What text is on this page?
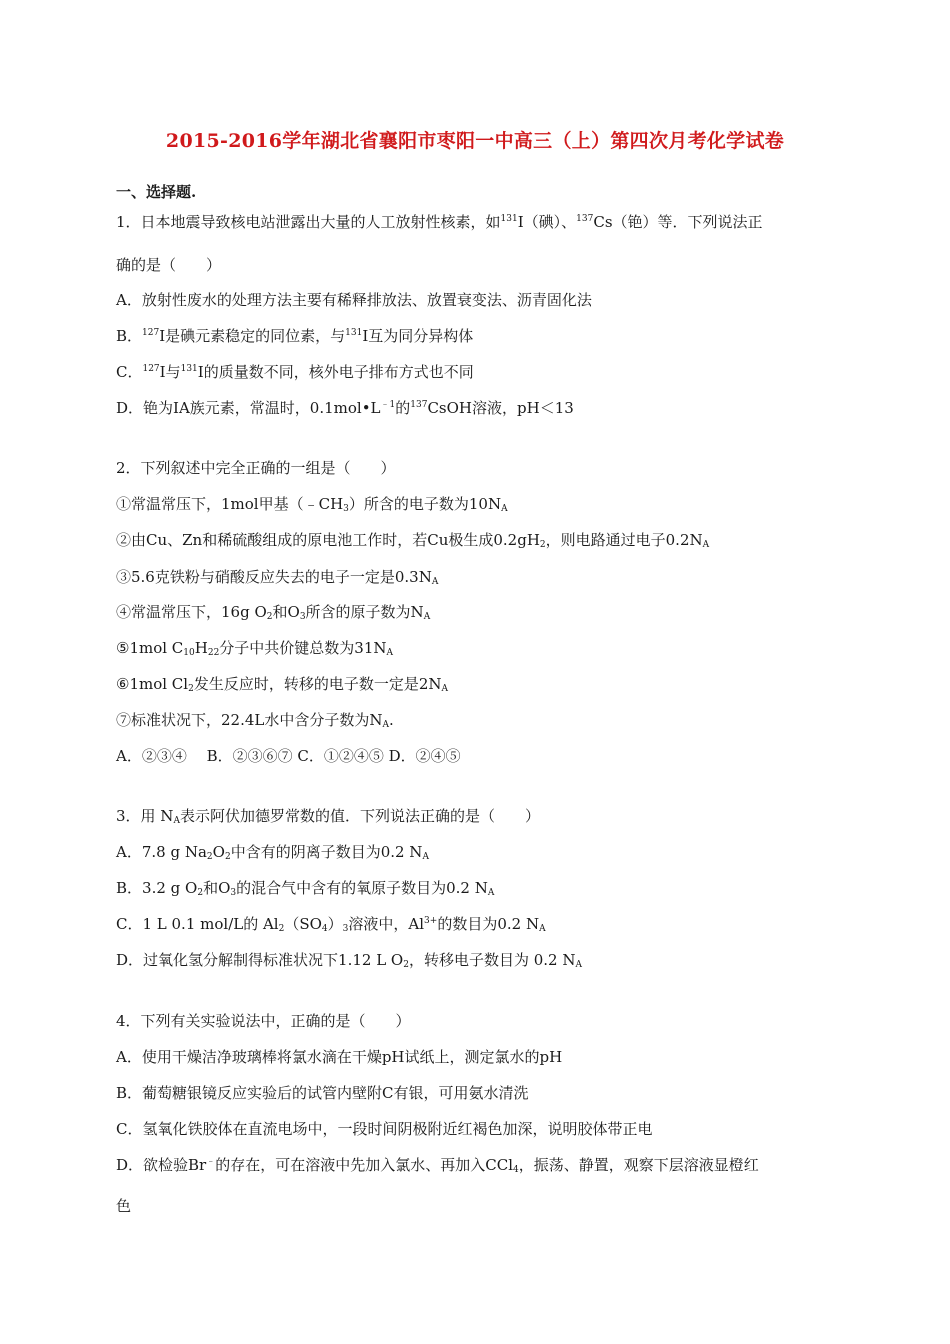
2015-2016学年湖北省襄阳市枣阳一中高三（上）第四次月考化学试卷
一、选择题.
1．日本地震导致核电站泄露出大量的人工放射性核素，如$^{131}$I（碘）、$^{137}$Cs（铯）等．下列说法正
确的是（　　）
A．放射性废水的处理方法主要有稀释排放法、放置衰变法、沥青固化法
B．$^{127}$I是碘元素稳定的同位素，与$^{131}$I互为同分异构体
C．$^{127}$I与$^{131}$I的质量数不同，核外电子排布方式也不同
D．铯为ⅠA族元素，常温时，$0.1mol•L^{﹣1}$的$^{137}$CsOH溶液，pH＜13
2．下列叙述中完全正确的一组是（　　）
①常温常压下，1mol甲基$(﹣CH_3)$所含的电子数为$10N_A$
②由Cu、Zn和稀硫酸组成的原电池工作时，若Cu极生成$0.2gH_2$，则电路通过电子$0.2N_A$
③5.6克铁粉与硝酸反应失去的电子一定是$0.3N_A$
④常温常压下，16g $O_2$和$O_3$所含的原子数为$N_A$
⑤1mol $C_{10}H_{22}$分子中共价键总数为$31N_A$
⑥1mol $Cl_2$发生反应时，转移的电子数一定是$2N_A$
⑦标准状况下，22.4L水中含分子数为$N_A$.
A．②③④　 B．②③⑥⑦ C．①②④⑤ D．②④⑤
3．用 $N_A$表示阿伏加德罗常数的值．下列说法正确的是（　　）
A．7.8 g $Na_2O_2$中含有的阴离子数目为0.2 $N_A$
B．3.2 g $O_2$和$O_3$的混合气中含有的氧原子数目为0.2 $N_A$
C．1 L 0.1 mol/L的 $Al_2(SO_4)_3$溶液中，$Al^{3+}$的数目为0.2 $N_A$
D．过氧化氢分解制得标准状况下1.12 L $O_2$，转移电子数目为 0.2 $N_A$
4．下列有关实验说法中，正确的是（　　）
A．使用干燥洁净玻璃棒将氯水滴在干燥pH试纸上，测定氯水的pH
B．葡萄糖银镜反应实验后的试管内壁附C有银，可用氨水清洗
C．氢氧化铁胶体在直流电场中，一段时间阴极附近红褐色加深，说明胶体带正电
D．欲检验Br﹣的存在，可在溶液中先加入氯水、再加入CCl$_4$，振荡、静置，观察下层溶液显橙红
色
